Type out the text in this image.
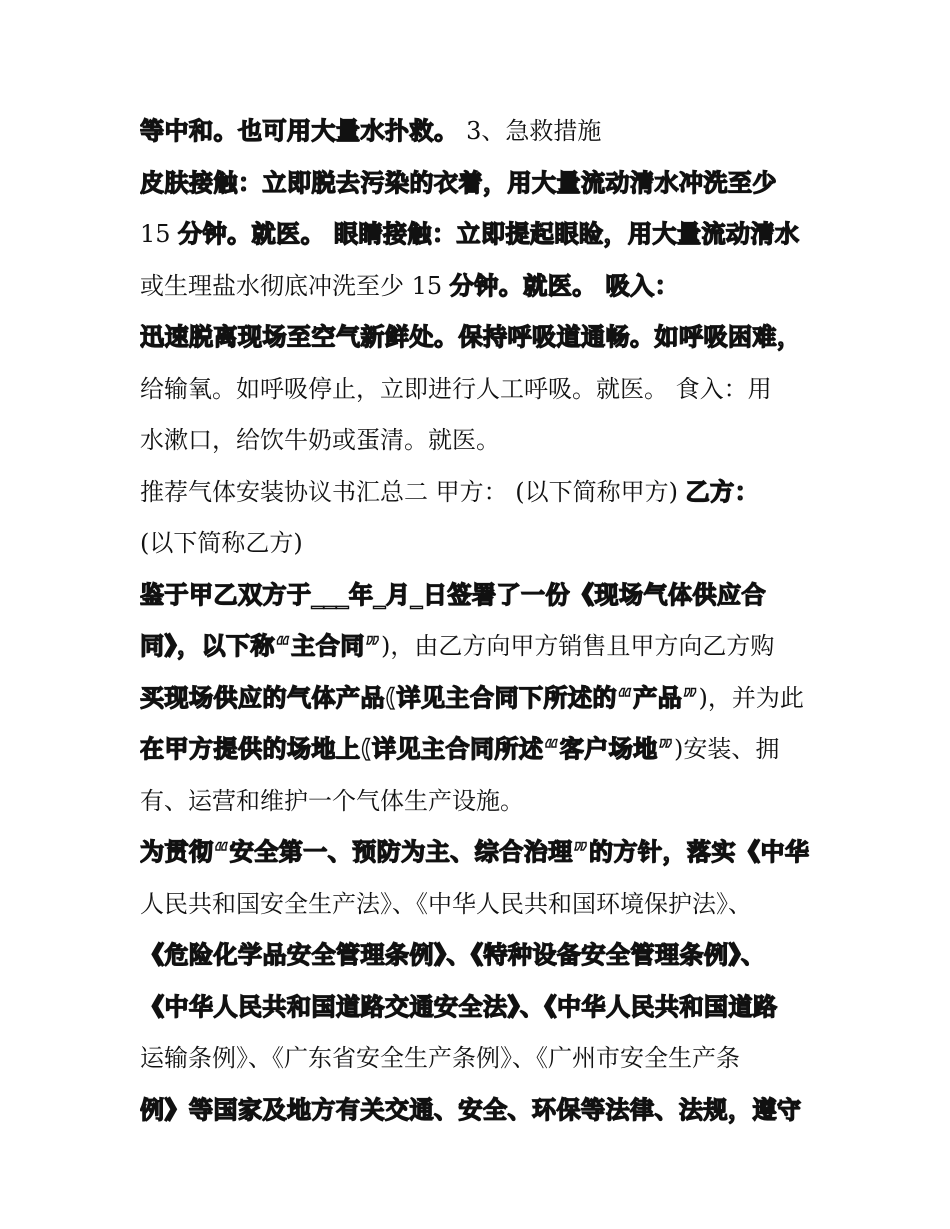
等中和。也可用大量水扑救。 3、急救措施
皮肤接触：立即脱去污染的衣着，用大量流动清水冲洗至少
15 分钟。就医。 眼睛接触：立即提起眼睑，用大量流动清水
或生理盐水彻底冲洗至少 15 分钟。就医。 吸入：
迅速脱离现场至空气新鲜处。保持呼吸道通畅。如呼吸困难，
给输氧。如呼吸停止，立即进行人工呼吸。就医。 食入：用
水漱口，给饮牛奶或蛋清。就医。
推荐气体安装协议书汇总二 甲方： (以下简称甲方) 乙方：
(以下简称乙方)
鉴于甲乙双方于___年_月_日签署了一份《现场气体供应合
同》，以下称“主合同”)，由乙方向甲方销售且甲方向乙方购
买现场供应的气体产品(详见主合同下所述的“产品”)，并为此
在甲方提供的场地上(详见主合同所述“客户场地”)安装、拥
有、运营和维护一个气体生产设施。
为贯彻“安全第一、预防为主、综合治理”的方针，落实《中华
人民共和国安全生产法》、《中华人民共和国环境保护法》、
《危险化学品安全管理条例》、《特种设备安全管理条例》、
《中华人民共和国道路交通安全法》、《中华人民共和国道路
运输条例》、《广东省安全生产条例》、《广州市安全生产条
例》等国家及地方有关交通、安全、环保等法律、法规，遵守
